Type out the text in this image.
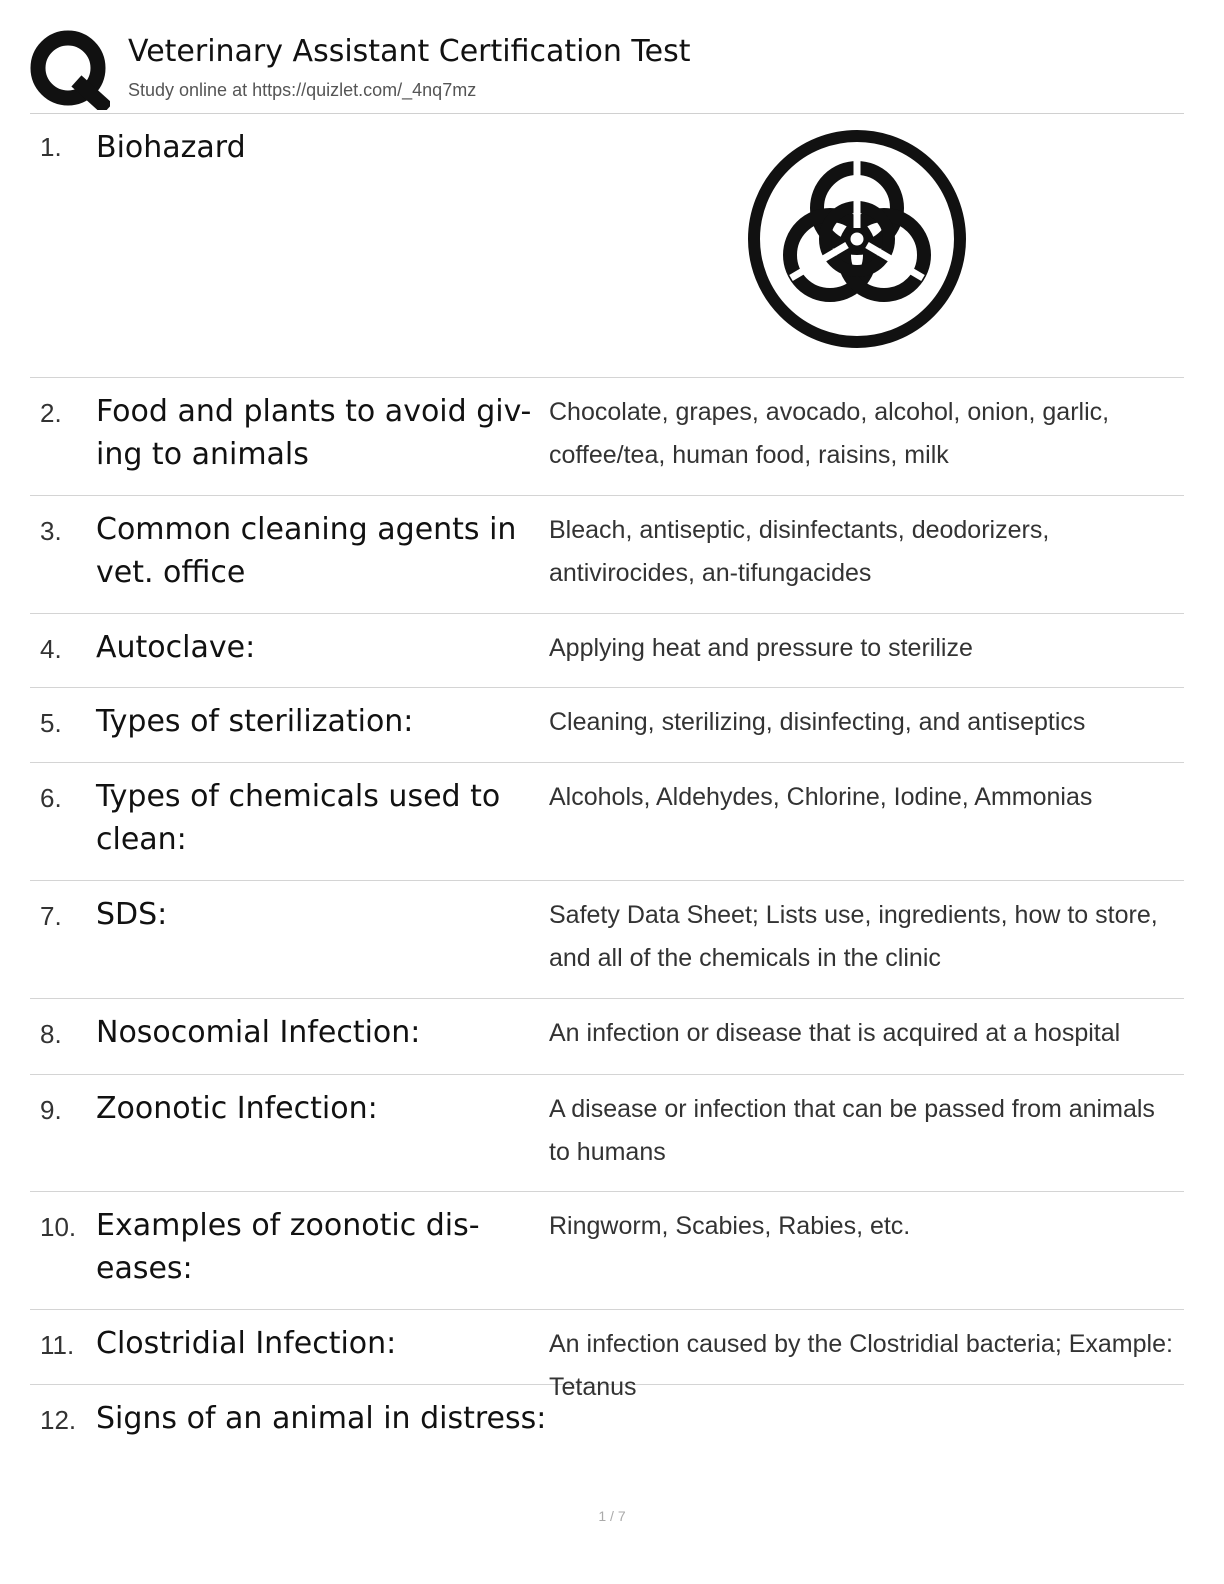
Veterinary Assistant Certification Test
Study online at https://quizlet.com/_4nq7mz
1. Biohazard
2. Food and plants to avoid giv-ing to animals
Chocolate, grapes, avocado, alcohol, onion, garlic, coffee/tea, human food, raisins, milk
3. Common cleaning agents in vet. office
Bleach, antiseptic, disinfectants, deodorizers, antivirocides, an-tifungacides
4. Autoclave:	Applying heat and pressure to sterilize
5. Types of sterilization:	Cleaning, sterilizing, disinfecting, and antiseptics
6. Types of chemicals used to clean:
Alcohols, Aldehydes, Chlorine, Iodine, Ammonias
7. SDS:	Safety Data Sheet; Lists use, ingredients, how to store, and all of the chemicals in the clinic
8. Nosocomial Infection:	An infection or disease that is acquired at a hospital
9. Zoonotic Infection:	A disease or infection that can be passed from animals to humans
10. Examples of zoonotic dis-eases:
Ringworm, Scabies, Rabies, etc.
11. Clostridial Infection:	An infection caused by the Clostridial bacteria; Example: Tetanus
12. Signs of an animal in distress:
1 / 7
